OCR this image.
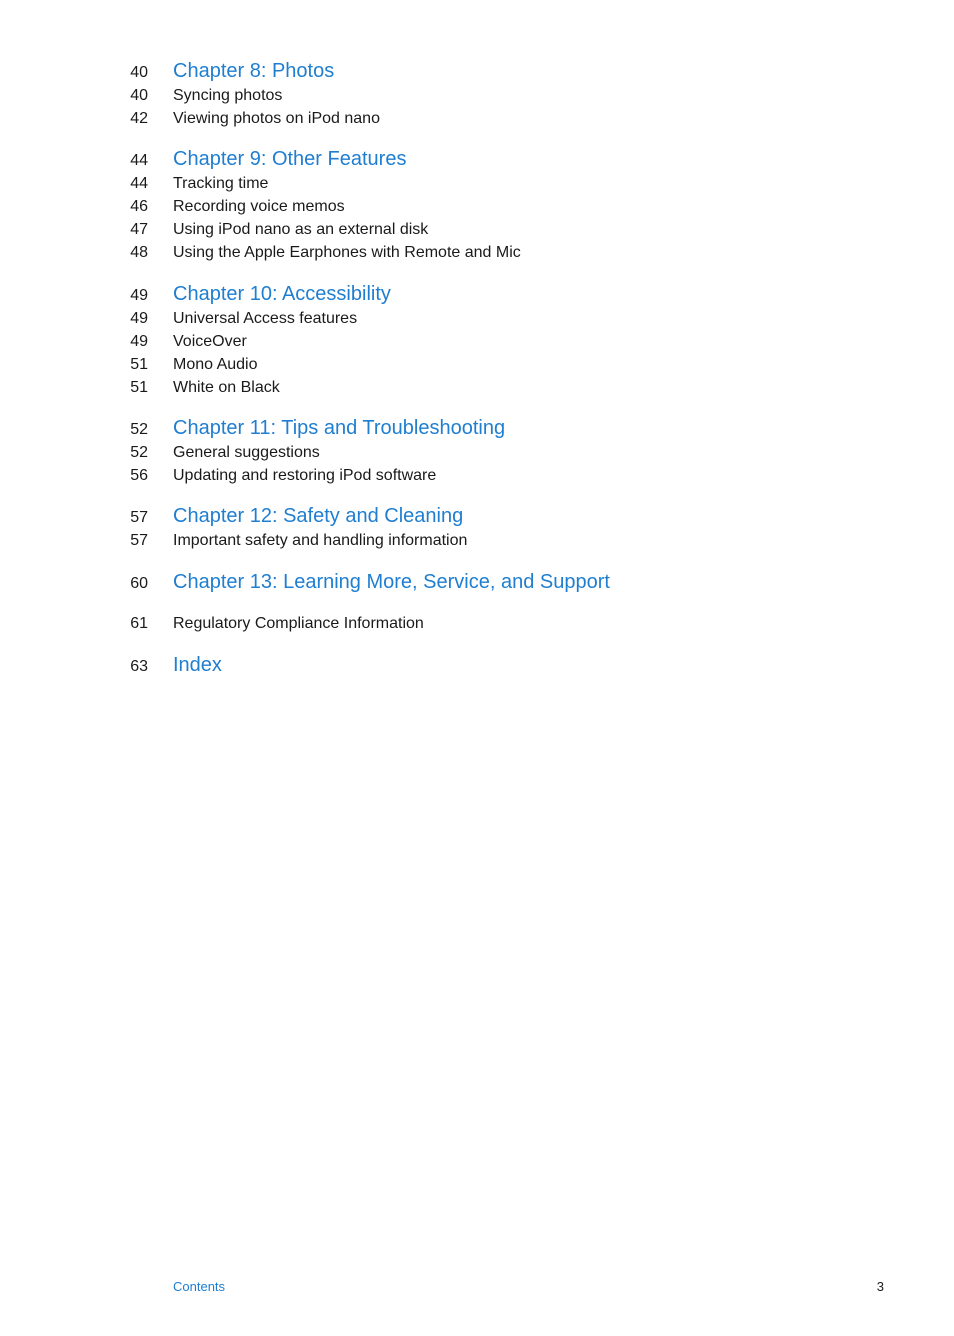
40 Chapter 8: Photos
40 Syncing photos
42 Viewing photos on iPod nano
44 Chapter 9: Other Features
44 Tracking time
46 Recording voice memos
47 Using iPod nano as an external disk
48 Using the Apple Earphones with Remote and Mic
49 Chapter 10: Accessibility
49 Universal Access features
49 VoiceOver
51 Mono Audio
51 White on Black
52 Chapter 11: Tips and Troubleshooting
52 General suggestions
56 Updating and restoring iPod software
57 Chapter 12: Safety and Cleaning
57 Important safety and handling information
60 Chapter 13: Learning More, Service, and Support
61 Regulatory Compliance Information
63 Index
Contents	3
